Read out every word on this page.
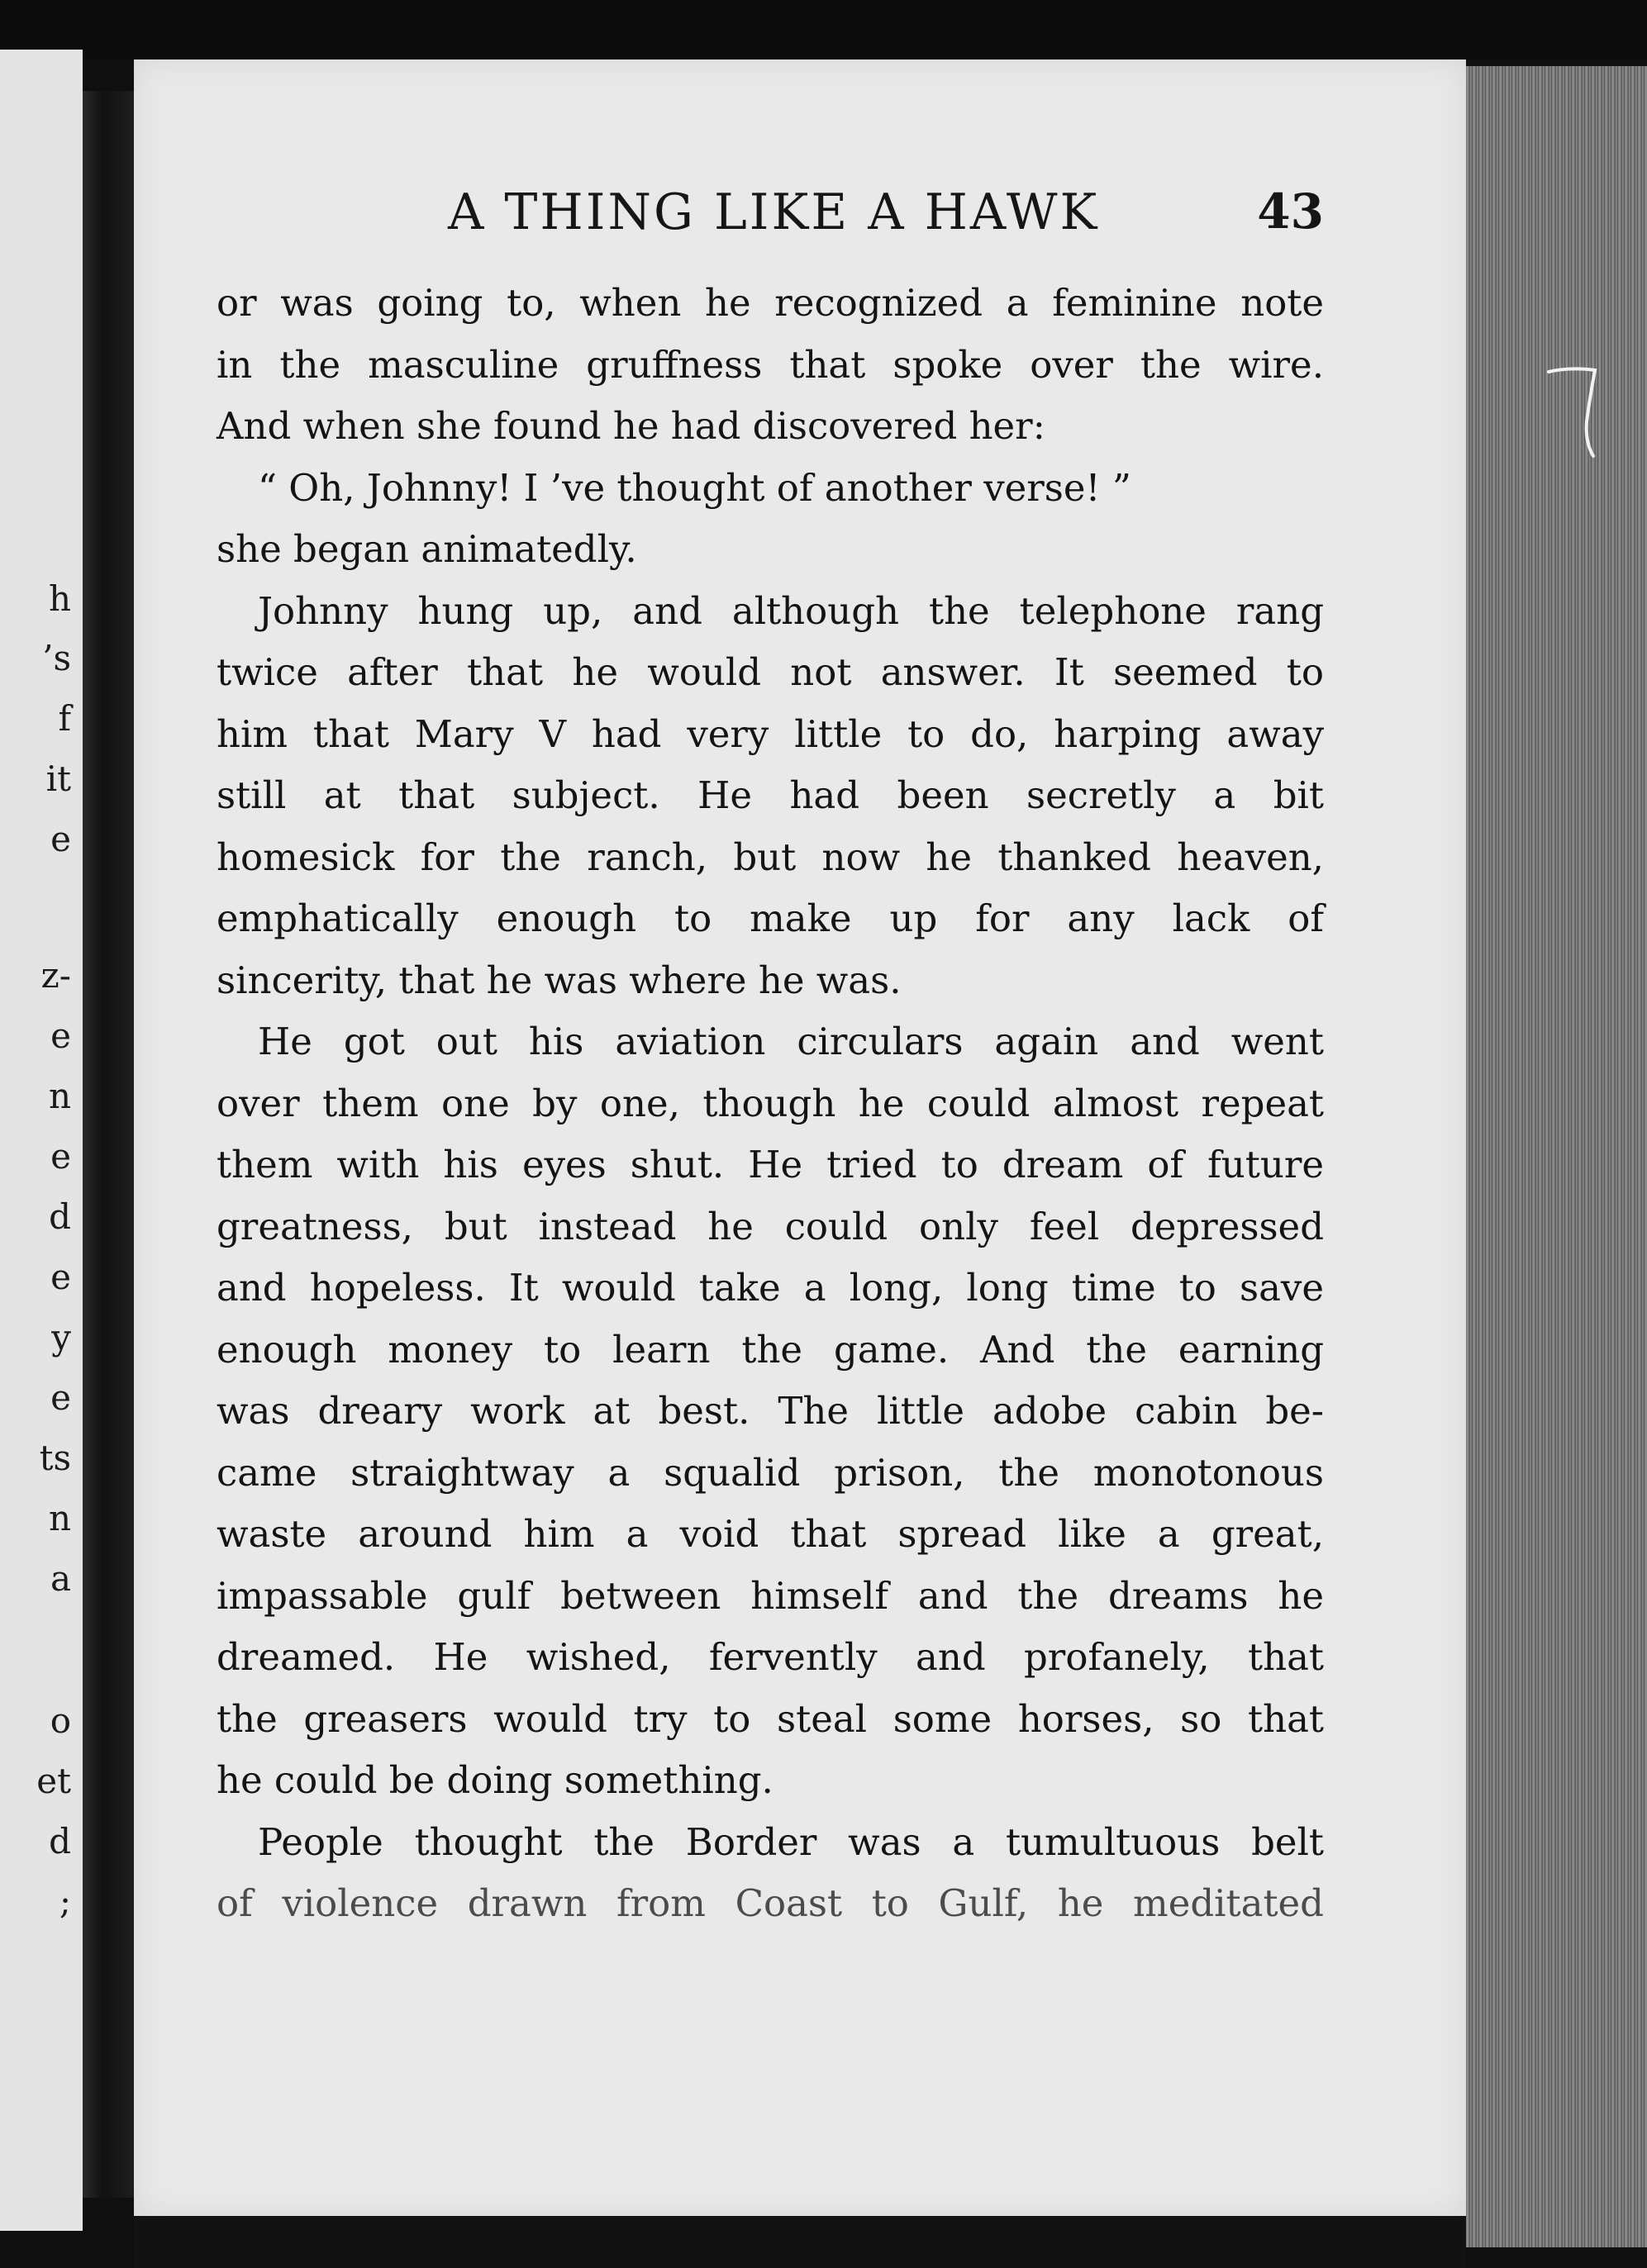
h
’s
f
it
e
z-
e
n
e
d
e
y
e
ts
n
a
o
et
d
;
A THING LIKE A HAWK	43
or was going to, when he recognized a feminine note
in the masculine gruffness that spoke over the wire.
And when she found he had discovered her:
“ Oh, Johnny! I ’ve thought of another verse! ”
she began animatedly.
Johnny hung up, and although the telephone rang
twice after that he would not answer. It seemed to
him that Mary V had very little to do, harping away
still at that subject. He had been secretly a bit
homesick for the ranch, but now he thanked heaven,
emphatically enough to make up for any lack of
sincerity, that he was where he was.
He got out his aviation circulars again and went
over them one by one, though he could almost repeat
them with his eyes shut. He tried to dream of future
greatness, but instead he could only feel depressed
and hopeless. It would take a long, long time to save
enough money to learn the game. And the earning
was dreary work at best. The little adobe cabin be-
came straightway a squalid prison, the monotonous
waste around him a void that spread like a great,
impassable gulf between himself and the dreams he
dreamed. He wished, fervently and profanely, that
the greasers would try to steal some horses, so that
he could be doing something.
People thought the Border was a tumultuous belt
of violence drawn from Coast to Gulf, he meditated
